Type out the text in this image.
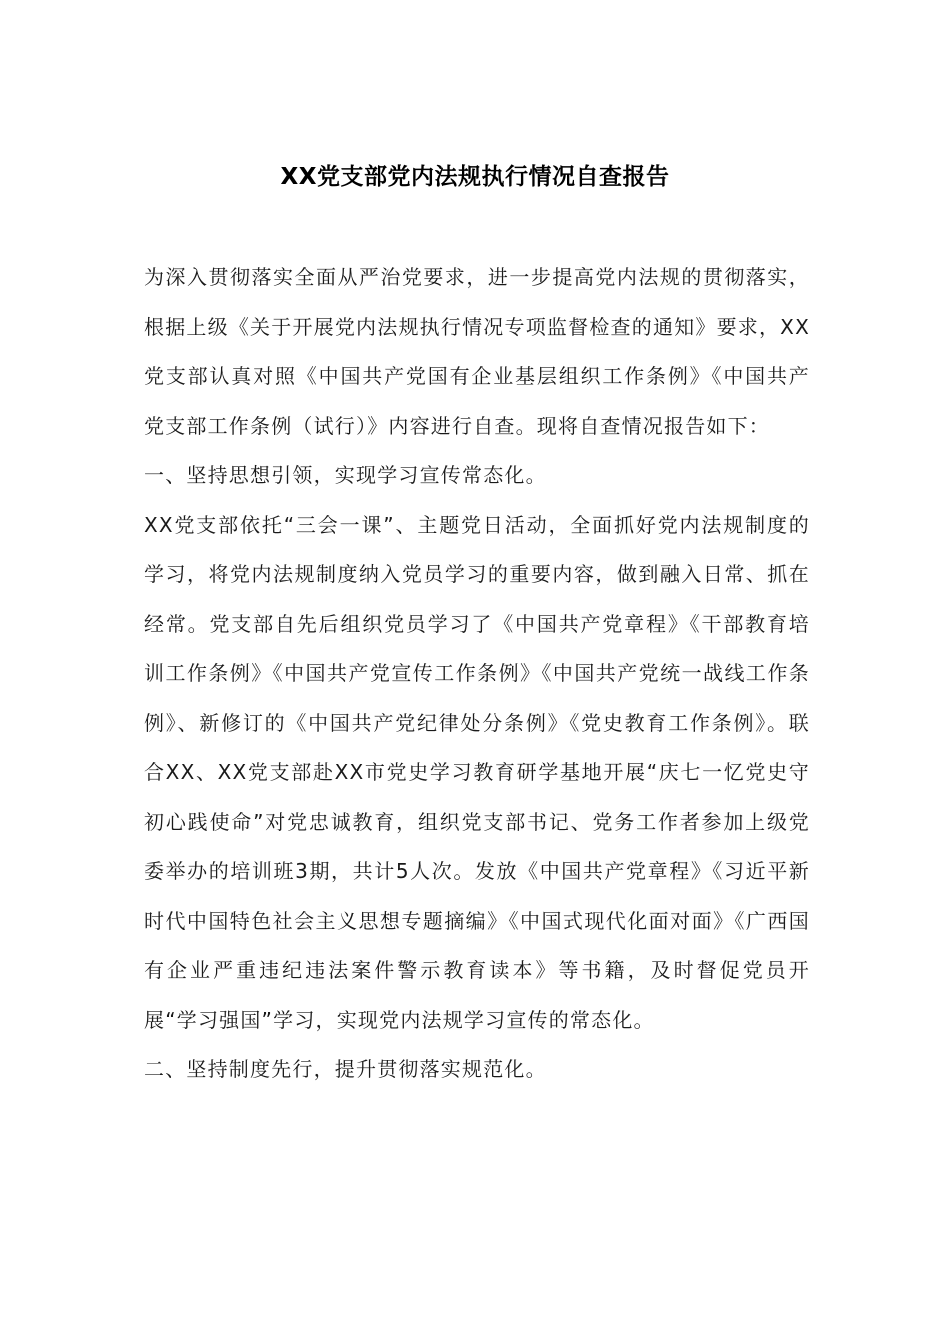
XX党支部党内法规执行情况自查报告

为深入贯彻落实全面从严治党要求，进一步提高党内法规的贯彻落实，根据上级《关于开展党内法规执行情况专项监督检查的通知》要求，XX党支部认真对照《中国共产党国有企业基层组织工作条例》《中国共产党支部工作条例（试行）》内容进行自查。现将自查情况报告如下：

一、坚持思想引领，实现学习宣传常态化。

XX党支部依托“三会一课”、主题党日活动，全面抓好党内法规制度的学习，将党内法规制度纳入党员学习的重要内容，做到融入日常、抓在经常。党支部自先后组织党员学习了《中国共产党章程》《干部教育培训工作条例》《中国共产党宣传工作条例》《中国共产党统一战线工作条例》、新修订的《中国共产党纪律处分条例》《党史教育工作条例》。联合XX、XX党支部赴XX市党史学习教育研学基地开展“庆七一忆党史守初心践使命”对党忠诚教育，组织党支部书记、党务工作者参加上级党委举办的培训班3期，共计5人次。发放《中国共产党章程》《习近平新时代中国特色社会主义思想专题摘编》《中国式现代化面对面》《广西国有企业严重违纪违法案件警示教育读本》等书籍，及时督促党员开展“学习强国”学习，实现党内法规学习宣传的常态化。

二、坚持制度先行，提升贯彻落实规范化。
